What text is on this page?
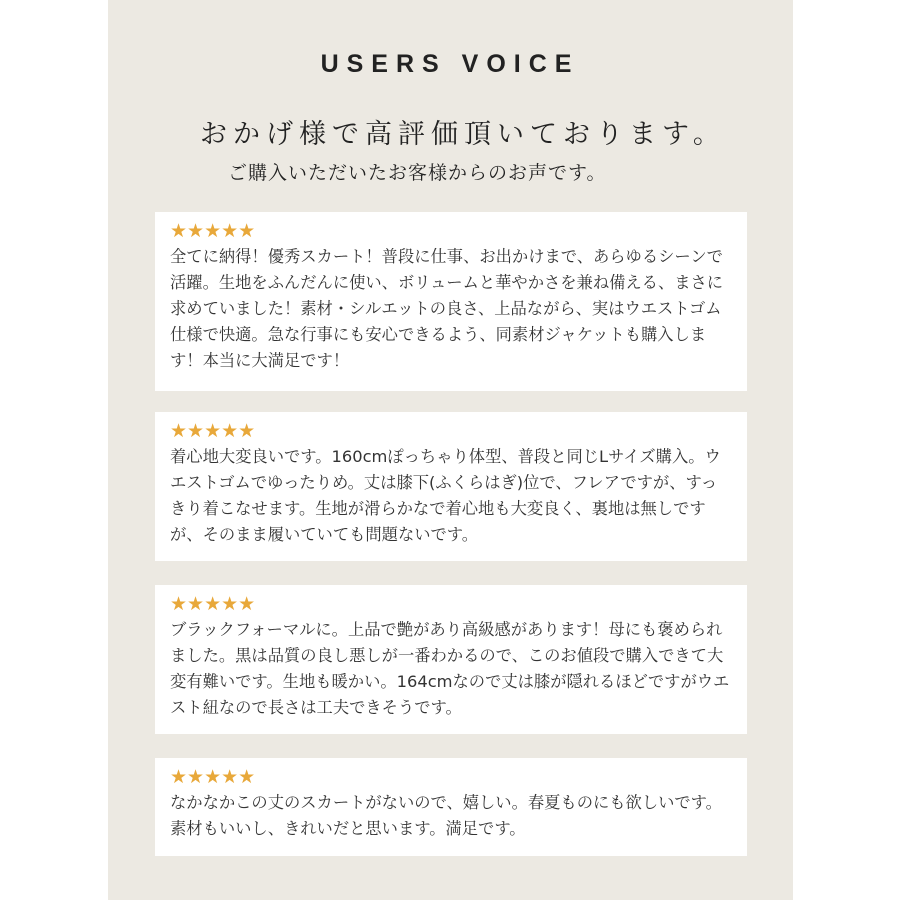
USERS VOICE
おかげ様で高評価頂いております。
ご購入いただいたお客様からのお声です。
★★★★★

全てに納得！優秀スカート！普段に仕事、お出かけまで、あらゆるシーンで活躍。生地をふんだんに使い、ボリュームと華やかさを兼ね備える、まさに求めていました！素材・シルエットの良さ、上品ながら、実はウエストゴム仕様で快適。急な行事にも安心できるよう、同素材ジャケットも購入します！本当に大満足です！

★★★★★

着心地大変良いです。160cmぽっちゃり体型、普段と同じLサイズ購入。ウエストゴムでゆったりめ。丈は膝下(ふくらはぎ)位で、フレアですが、すっきり着こなせます。生地が滑らかなで着心地も大変良く、裏地は無しですが、そのまま履いていても問題ないです。

★★★★★

ブラックフォーマルに。上品で艶があり高級感があります！母にも褒められました。黒は品質の良し悪しが一番わかるので、このお値段で購入できて大変有難いです。生地も暖かい。164cmなので丈は膝が隠れるほどですがウエスト紐なので長さは工夫できそうです。

★★★★★

なかなかこの丈のスカートがないので、嬉しい。春夏ものにも欲しいです。素材もいいし、きれいだと思います。満足です。
